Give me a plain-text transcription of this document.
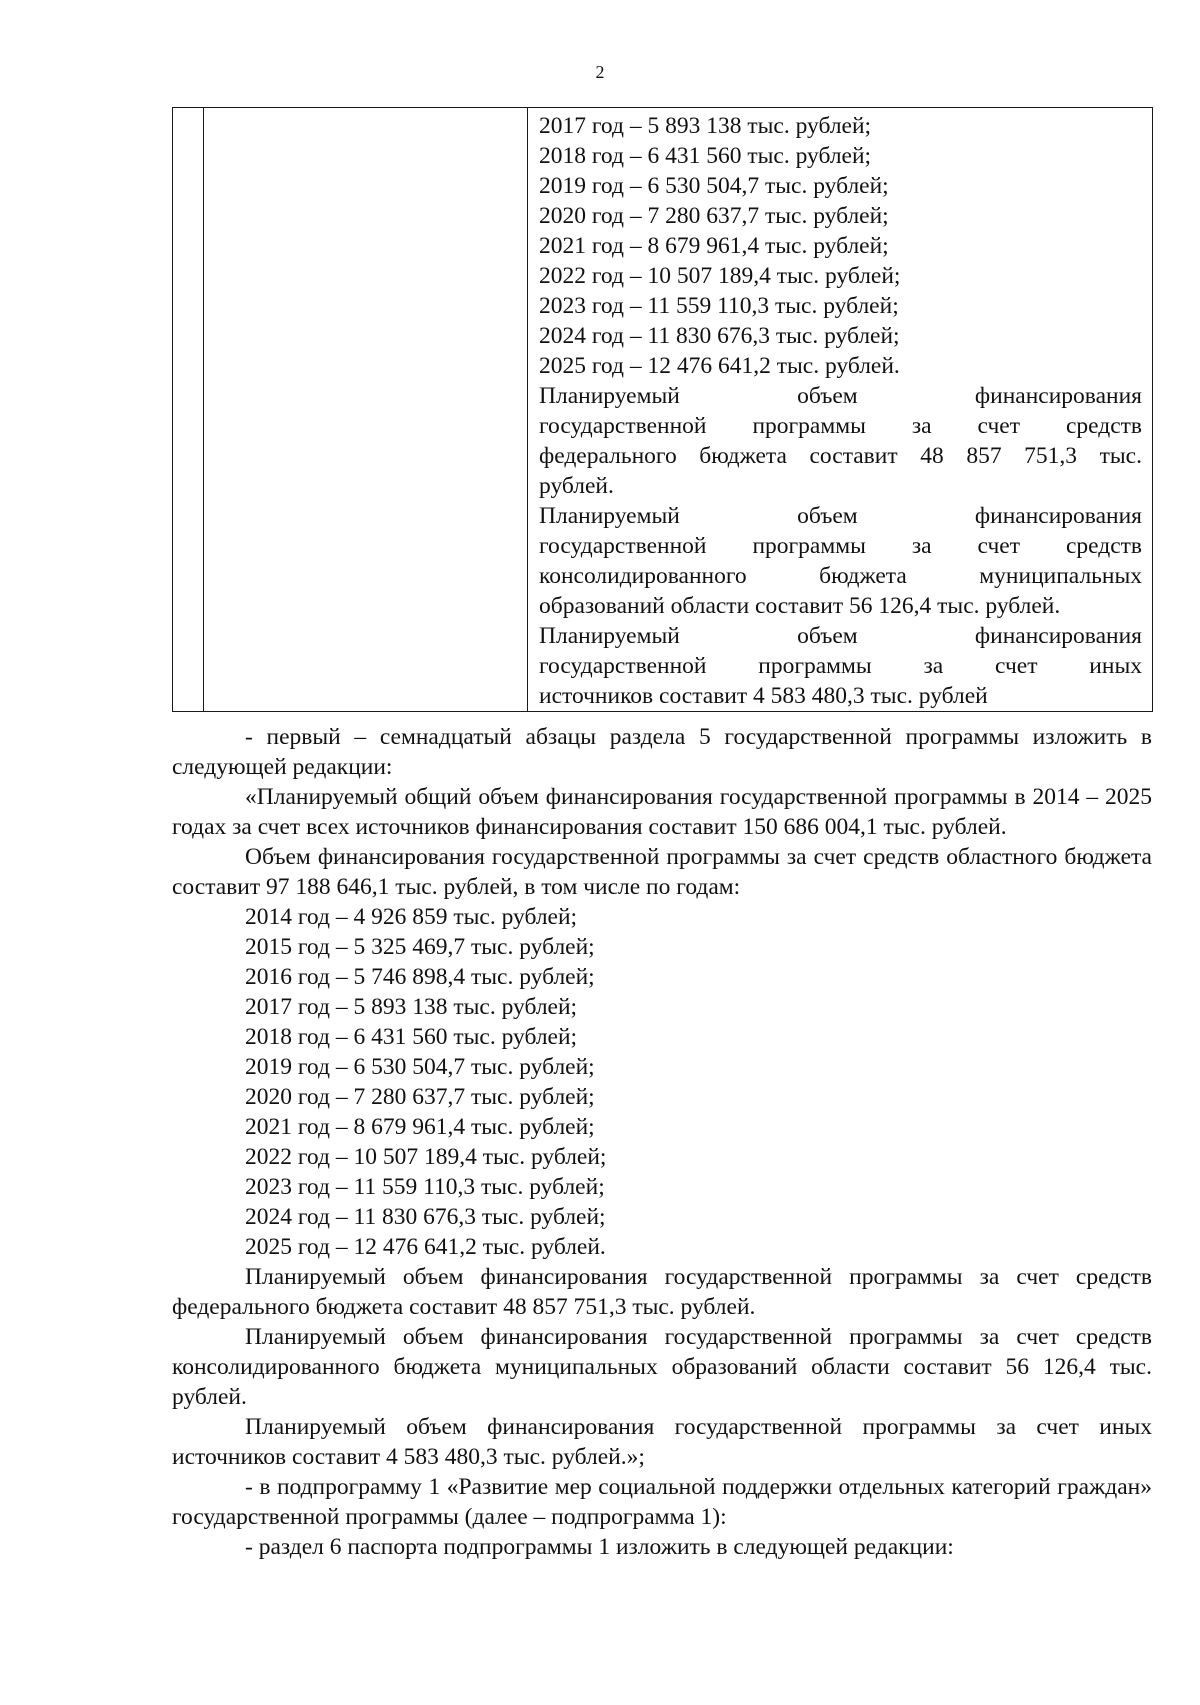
2

2017 год – 5 893 138 тыс. рублей;
2018 год – 6 431 560 тыс. рублей;
2019 год – 6 530 504,7 тыс. рублей;
2020 год – 7 280 637,7 тыс. рублей;
2021 год – 8 679 961,4 тыс. рублей;
2022 год – 10 507 189,4 тыс. рублей;
2023 год – 11 559 110,3 тыс. рублей;
2024 год – 11 830 676,3 тыс. рублей;
2025 год – 12 476 641,2 тыс. рублей.
Планируемый объем финансирования
государственной программы за счет средств
федерального бюджета составит 48 857 751,3 тыс.
рублей.
Планируемый объем финансирования
государственной программы за счет средств
консолидированного бюджета муниципальных
образований области составит 56 126,4 тыс. рублей.
Планируемый объем финансирования
государственной программы за счет иных
источников составит 4 583 480,3 тыс. рублей
- первый – семнадцатый абзацы раздела 5 государственной программы изложить в следующей редакции:
«Планируемый общий объем финансирования государственной программы в 2014 – 2025 годах за счет всех источников финансирования составит 150 686 004,1 тыс. рублей.
Объем финансирования государственной программы за счет средств областного бюджета составит 97 188 646,1 тыс. рублей, в том числе по годам:
2014 год – 4 926 859 тыс. рублей;
2015 год – 5 325 469,7 тыс. рублей;
2016 год – 5 746 898,4 тыс. рублей;
2017 год – 5 893 138 тыс. рублей;
2018 год – 6 431 560 тыс. рублей;
2019 год – 6 530 504,7 тыс. рублей;
2020 год – 7 280 637,7 тыс. рублей;
2021 год – 8 679 961,4 тыс. рублей;
2022 год – 10 507 189,4 тыс. рублей;
2023 год – 11 559 110,3 тыс. рублей;
2024 год – 11 830 676,3 тыс. рублей;
2025 год – 12 476 641,2 тыс. рублей.
Планируемый объем финансирования государственной программы за счет средств федерального бюджета составит 48 857 751,3 тыс. рублей.
Планируемый объем финансирования государственной программы за счет средств консолидированного бюджета муниципальных образований области составит 56 126,4 тыс. рублей.
Планируемый объем финансирования государственной программы за счет иных источников составит 4 583 480,3 тыс. рублей.»;
- в подпрограмму 1 «Развитие мер социальной поддержки отдельных категорий граждан» государственной программы (далее – подпрограмма 1):
- раздел 6 паспорта подпрограммы 1 изложить в следующей редакции:
